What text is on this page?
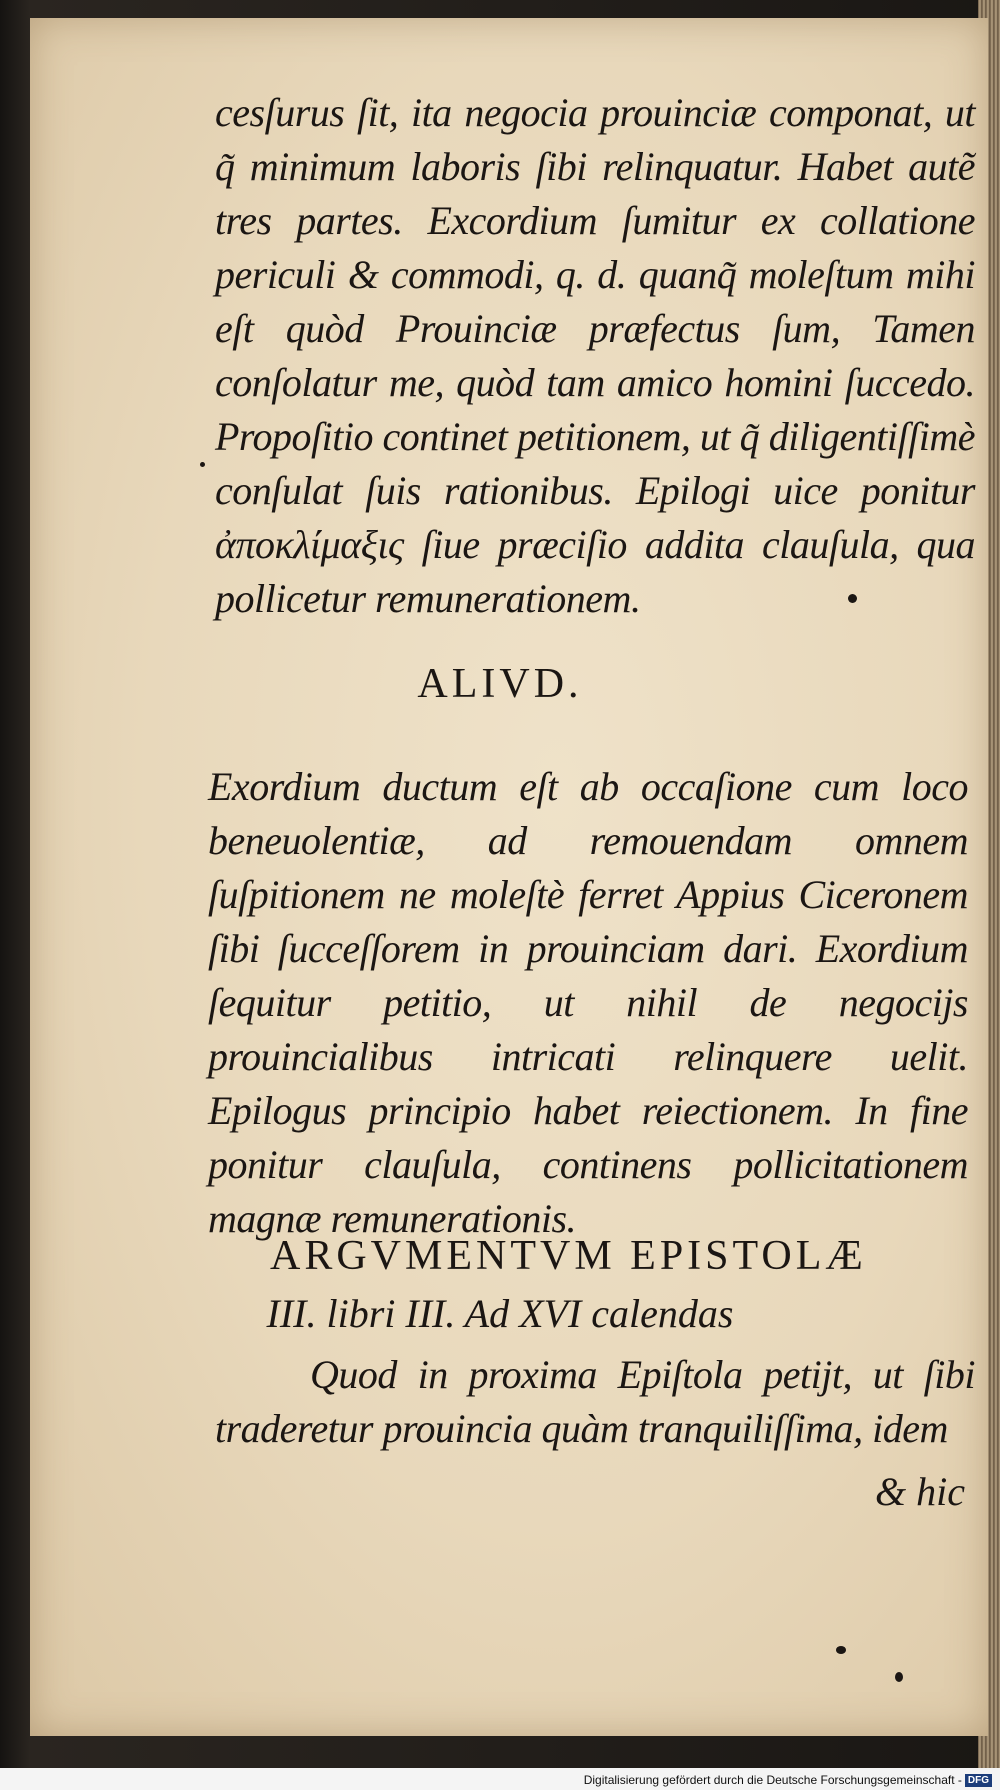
cesſurus ſit, ita negocia prouinciæ componat, ut q̃ minimum laboris ſibi relinquatur. Habet autẽ tres partes. Excordium ſumitur ex collatione periculi & commodi, q. d. quanq̃ moleſtum mihi eſt quòd Prouinciæ præfectus ſum, Tamen conſolatur me, quòd tam amico homini ſuccedo. Propoſitio continet petitionem, ut q̃ diligentiſſimè conſulat ſuis rationibus. Epilogi uice ponitur ἀποκλίμαξις ſiue præciſio addita clauſula, qua pollicetur remunerationem.

ALIVD.

Exordium ductum eſt ab occaſione cum loco beneuolentiæ, ad remouendam omnem ſuſpitionem ne moleſtè ferret Appius Ciceronem ſibi ſucceſſorem in prouinciam dari. Exordium ſequitur petitio, ut nihil de negocijs prouincialibus intricati relinquere uelit. Epilogus principio habet reiectionem. In fine ponitur clauſula, continens pollicitationem magnæ remunerationis.

ARGVMENTVM EPISTOLÆ
III. libri III. Ad XVI calendas

Quod in proxima Epiſtola petijt, ut ſibi traderetur prouincia quàm tranquiliſſima, idem

& hic
Digitalisierung gefördert durch die Deutsche Forschungsgemeinschaft - DFG
